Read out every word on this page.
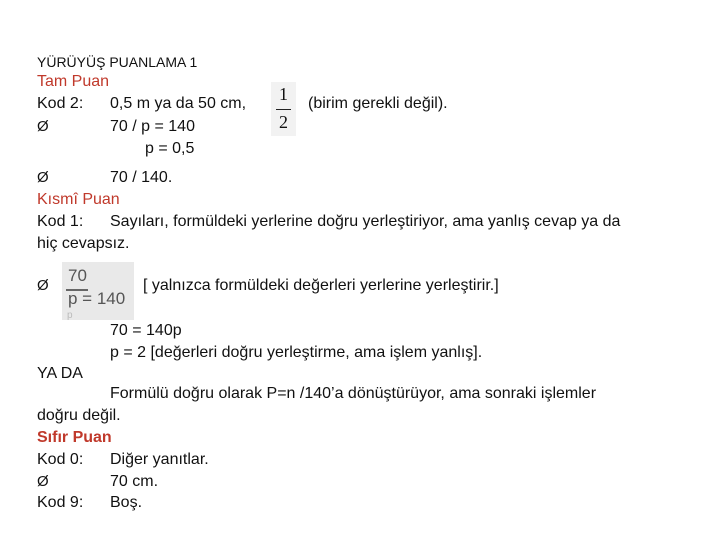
YÜRÜYÜŞ PUANLAMA 1
Tam Puan
Kod 2: 0,5 m ya da 50 cm,	1
2
(birim gerekli değil).
Ø	70 / p = 140
p = 0,5
Ø	70 / 140.
Kısmî Puan
Kod 1: Sayıları, formüldeki yerlerine doğru yerleştiriyor, ama yanlış cevap ya da
hiç cevapsız.
Ø
70
p = 140
p
[ yalnızca formüldeki değerleri yerlerine yerleştirir.]
70 = 140p
p = 2 [değerleri doğru yerleştirme, ama işlem yanlış].
YA DA
Formülü doğru olarak P=n /140’a dönüştürüyor, ama sonraki işlemler
doğru değil.
Sıfır Puan
Kod 0: Diğer yanıtlar.
Ø	70 cm.
Kod 9: Boş.
